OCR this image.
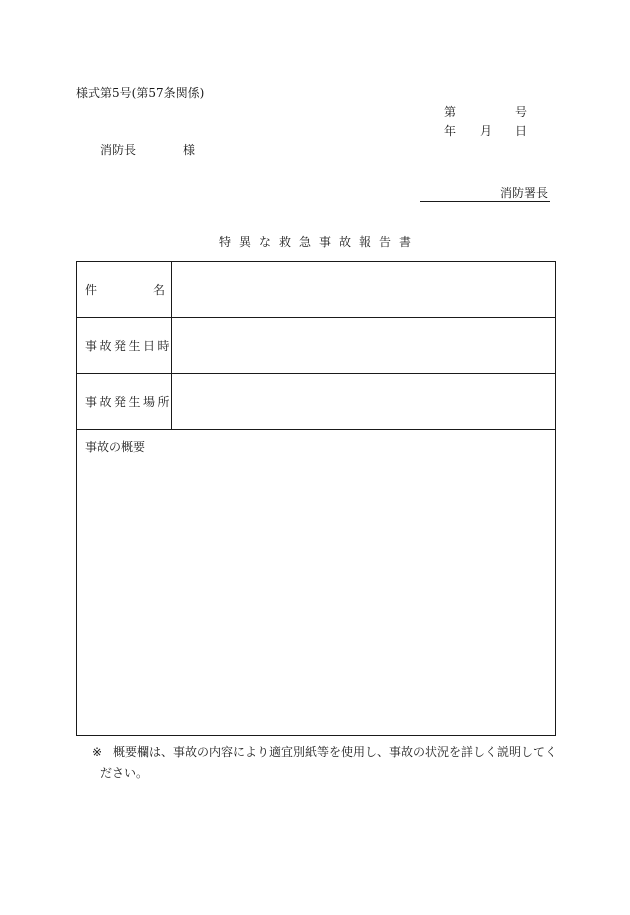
様式第5号(第57条関係)
第	号
年 月 日
消防長	様
消防署長
特異な救急事故報告書
件	名
事故発生日時
事故発生場所
事故の概要
※ 概要欄は、事故の内容により適宜別紙等を使用し、事故の状況を詳しく説明してく
ださい。
